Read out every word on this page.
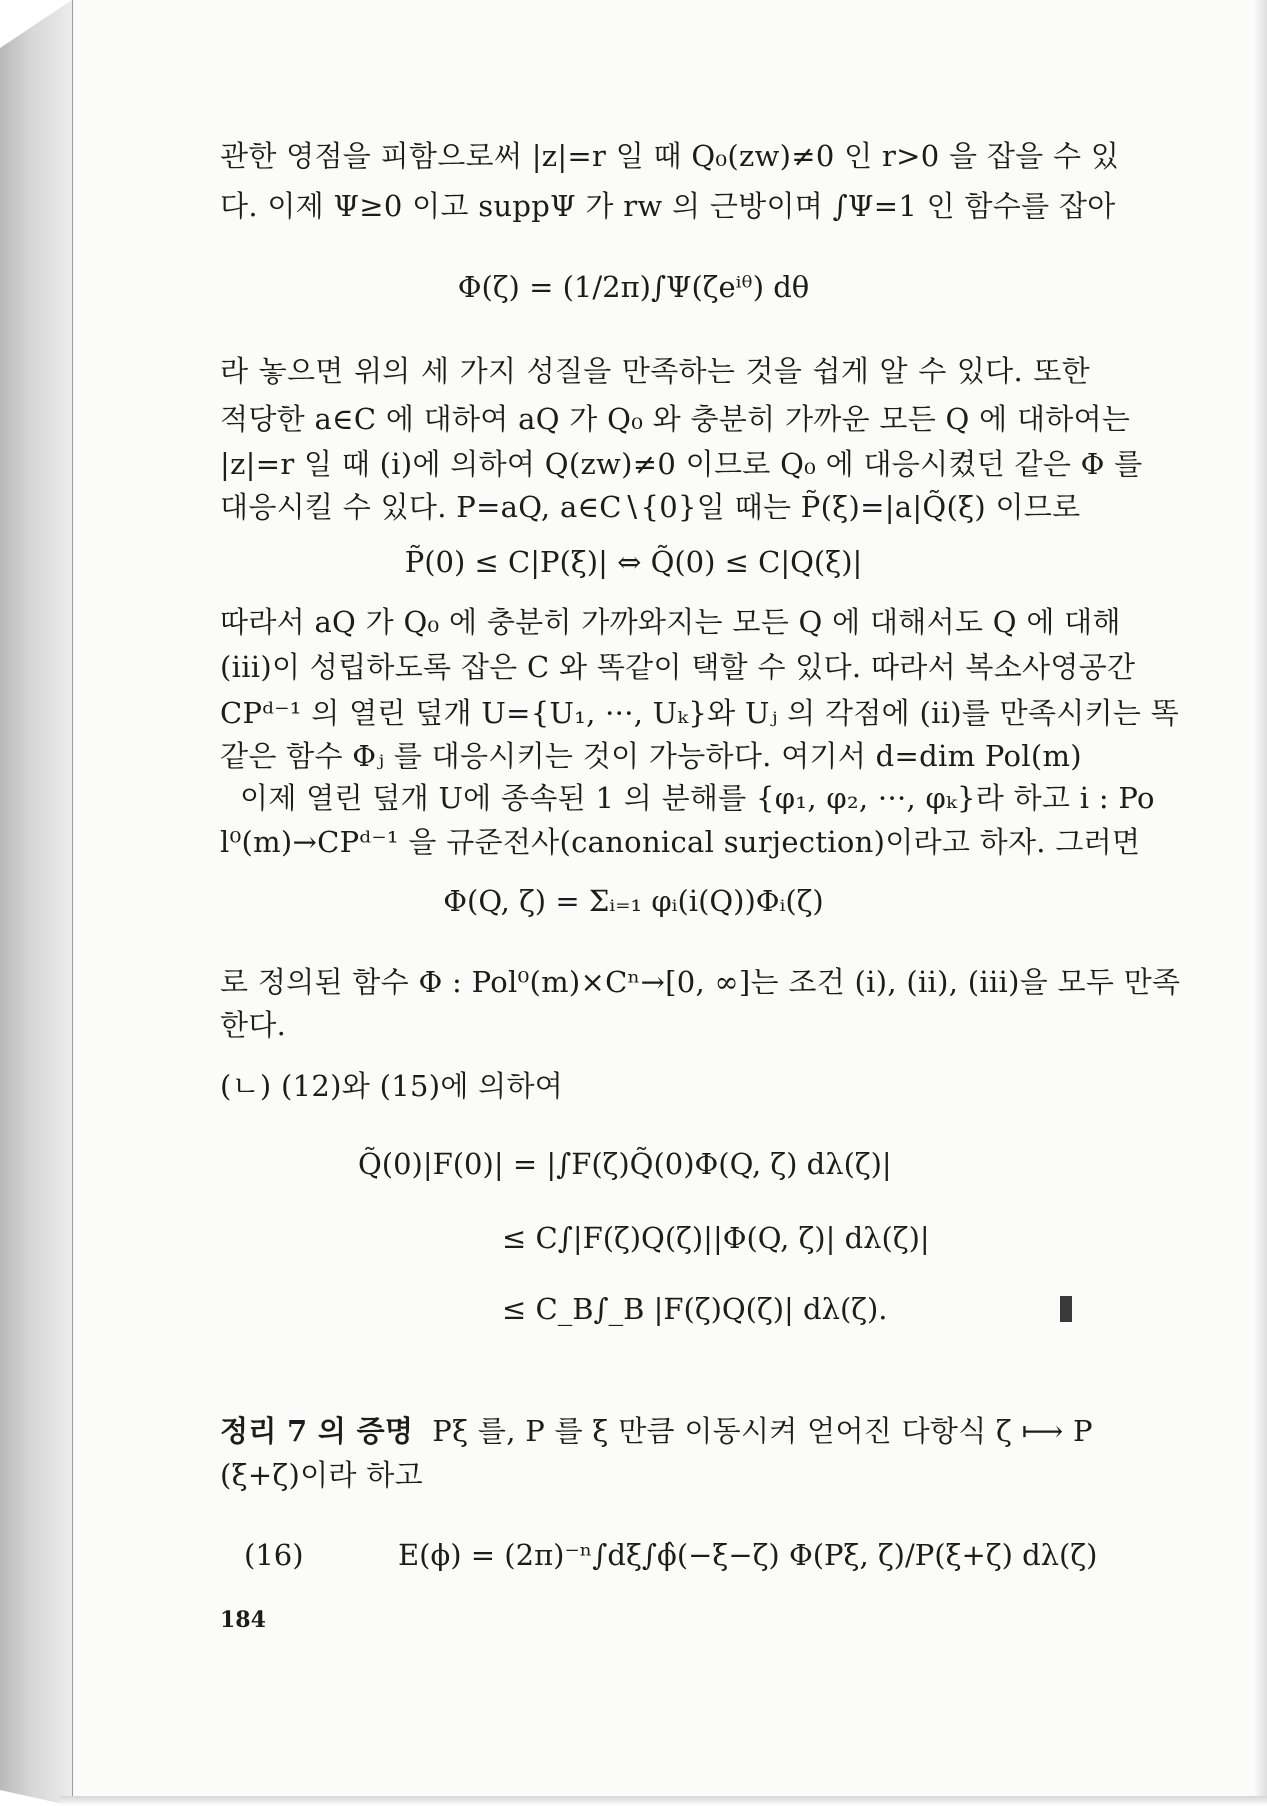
관한 영점을 피함으로써 |z|=r 일 때 Q₀(zw)≠0 인 r>0 을 잡을 수 있
다. 이제 Ψ≥0 이고 suppΨ 가 rw 의 근방이며 ∫Ψ=1 인 함수를 잡아
Φ(ζ) = (1/2π)∫Ψ(ζeⁱᶿ) dθ
라 놓으면 위의 세 가지 성질을 만족하는 것을 쉽게 알 수 있다. 또한
적당한 a∈C 에 대하여 aQ 가 Q₀ 와 충분히 가까운 모든 Q 에 대하여는
|z|=r 일 때 (i)에 의하여 Q(zw)≠0 이므로 Q₀ 에 대응시켰던 같은 Φ 를
대응시킬 수 있다. P=aQ, a∈C∖{0}일 때는 P̃(ξ)=|a|Q̃(ξ) 이므로
P̃(0) ≤ C|P(ξ)| ⇔ Q̃(0) ≤ C|Q(ξ)|
따라서 aQ 가 Q₀ 에 충분히 가까와지는 모든 Q 에 대해서도 Q 에 대해
(iii)이 성립하도록 잡은 C 와 똑같이 택할 수 있다. 따라서 복소사영공간
CPᵈ⁻¹ 의 열린 덮개 U={U₁, ···, Uₖ}와 Uⱼ 의 각점에 (ii)를 만족시키는 똑
같은 함수 Φⱼ 를 대응시키는 것이 가능하다. 여기서 d=dim Pol(m)
이제 열린 덮개 U에 종속된 1 의 분해를 {φ₁, φ₂, ···, φₖ}라 하고 i : Po
l⁰(m)→CPᵈ⁻¹ 을 규준전사(canonical surjection)이라고 하자. 그러면
Φ(Q, ζ) = Σᵢ₌₁ φᵢ(i(Q))Φᵢ(ζ)
로 정의된 함수 Φ : Pol⁰(m)×Cⁿ→[0, ∞]는 조건 (i), (ii), (iii)을 모두 만족
한다.
(ㄴ) (12)와 (15)에 의하여
Q̃(0)|F(0)| = |∫F(ζ)Q̃(0)Φ(Q, ζ) dλ(ζ)|
≤ C∫|F(ζ)Q(ζ)||Φ(Q, ζ)| dλ(ζ)|
≤ C_B∫_B |F(ζ)Q(ζ)| dλ(ζ).
정리 7 의 증명 Pξ 를, P 를 ξ 만큼 이동시켜 얻어진 다항식 ζ ⟼ P
(ξ+ζ)이라 하고
(16)	E(ϕ) = (2π)⁻ⁿ∫dξ∫ϕ̂(−ξ−ζ) Φ(Pξ, ζ)/P(ξ+ζ) dλ(ζ)
184
